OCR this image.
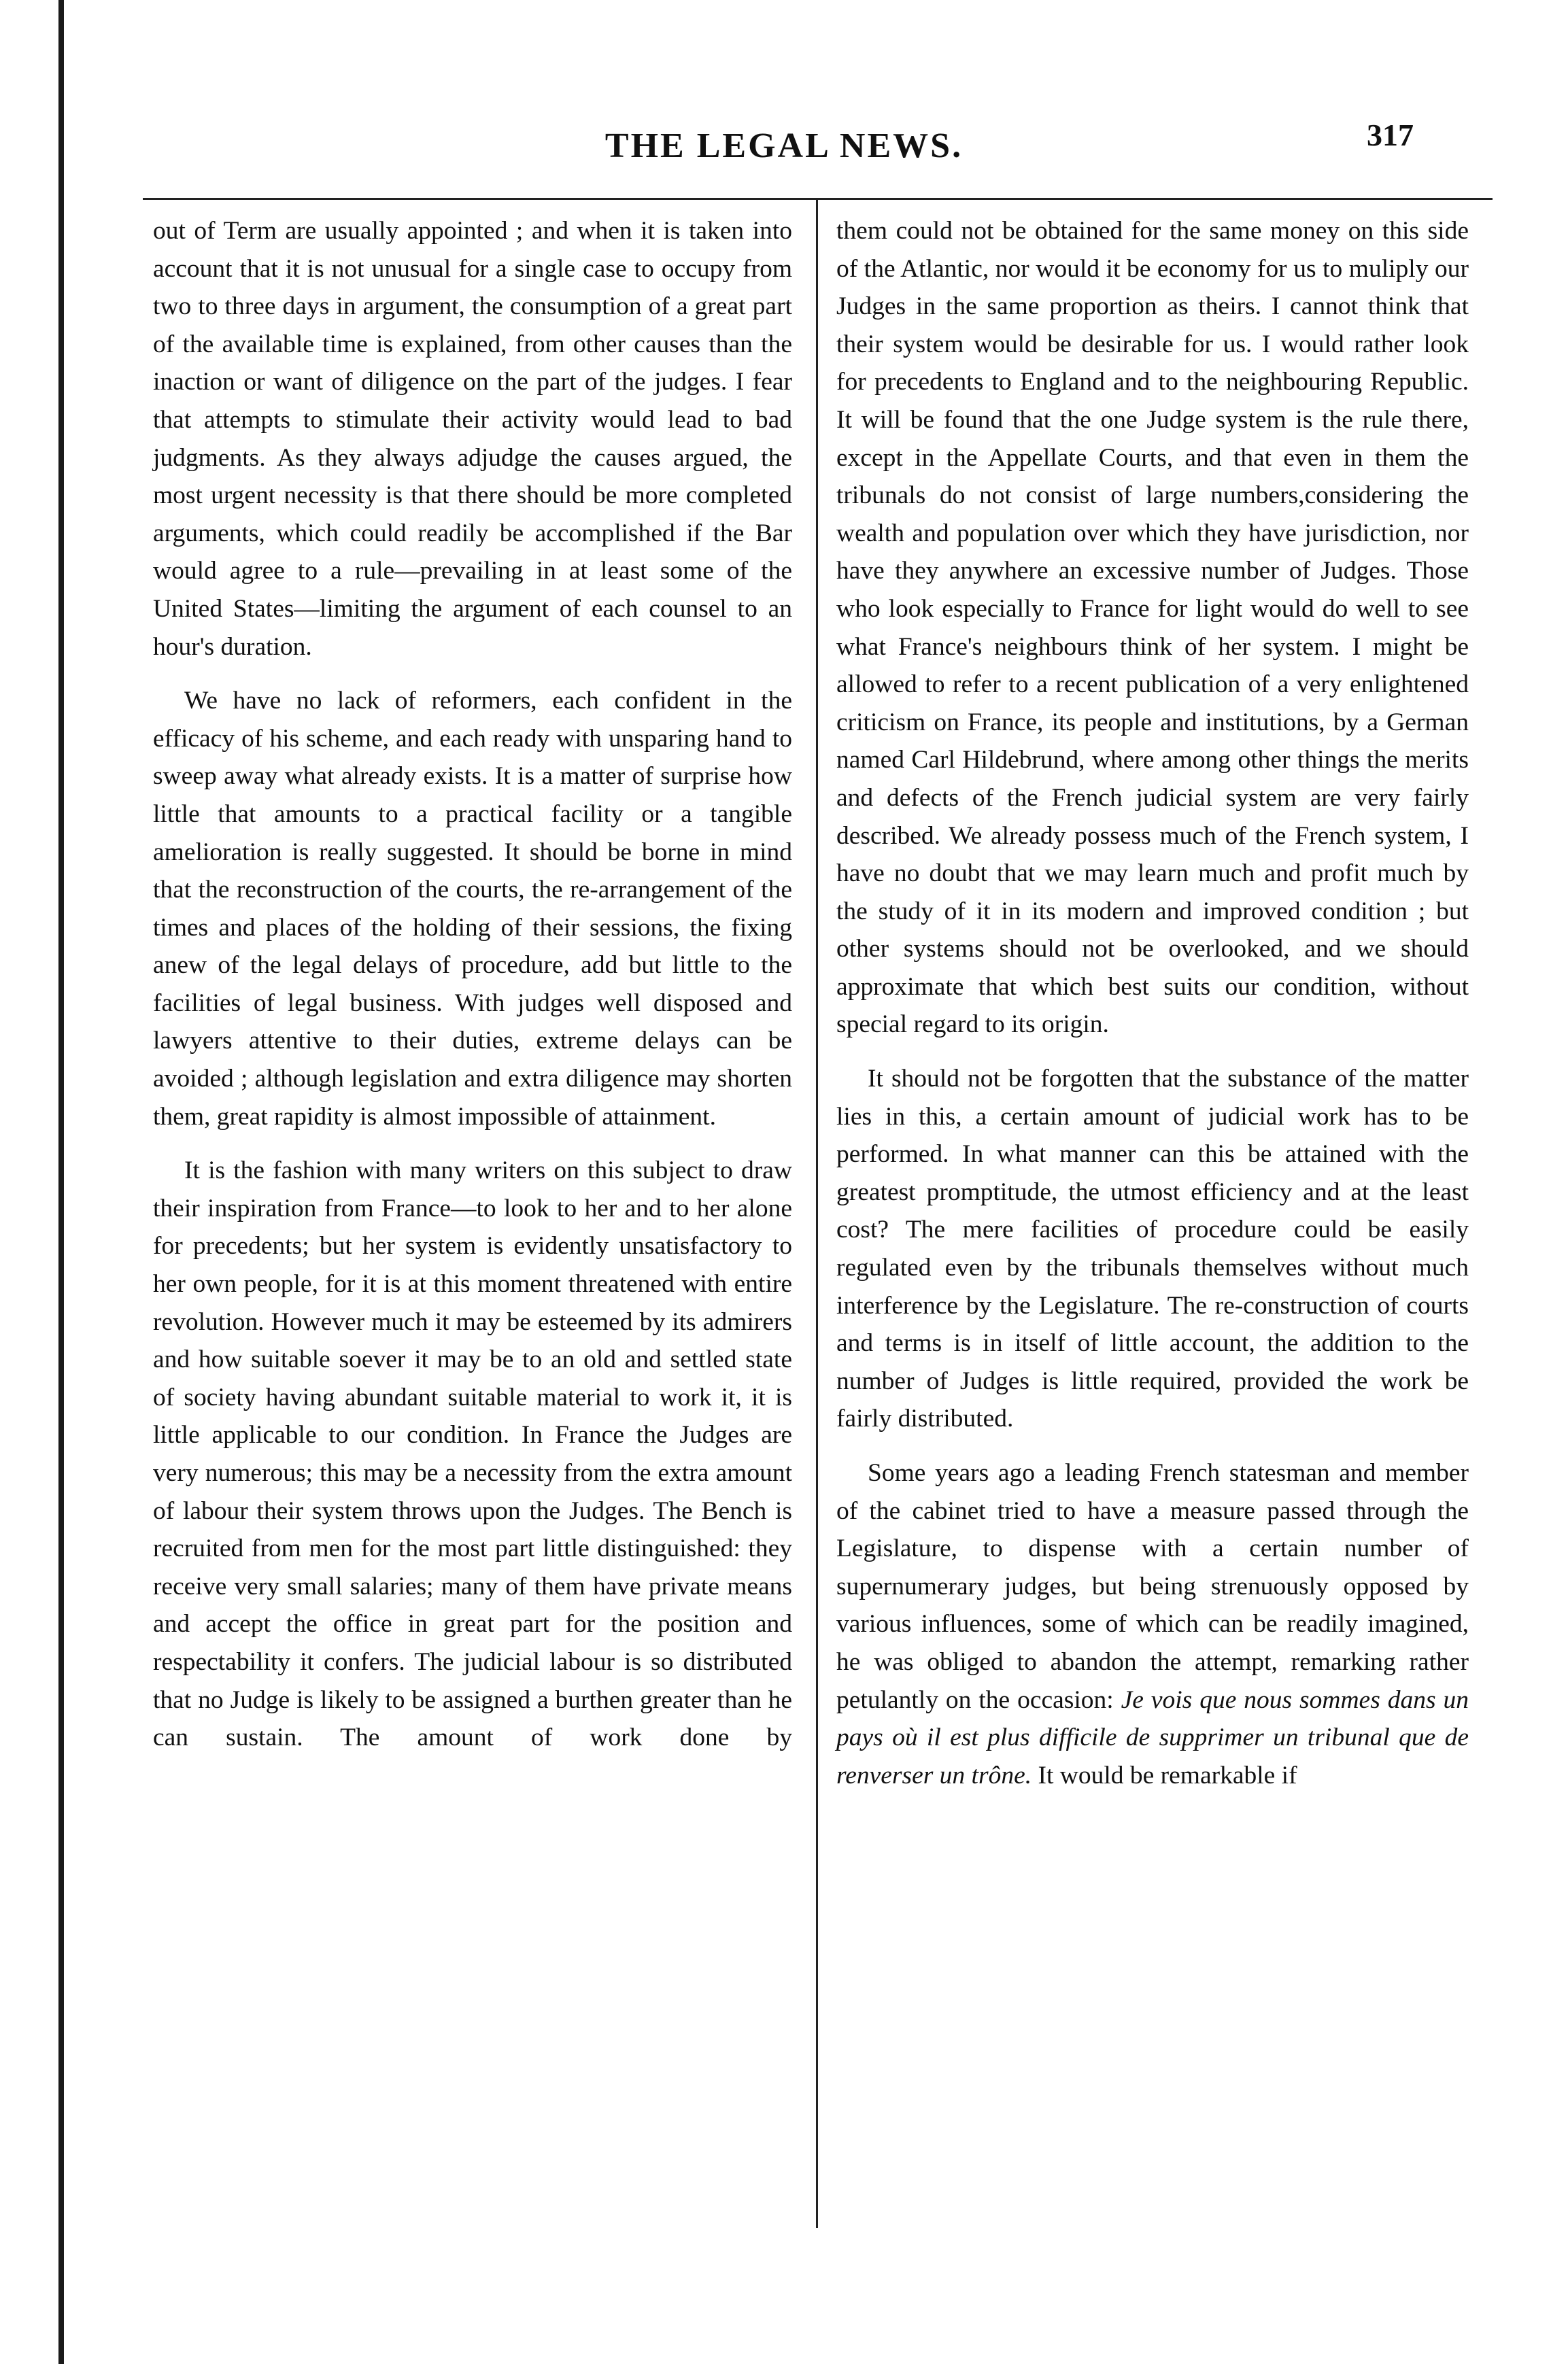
THE LEGAL NEWS.	317

out of Term are usually appointed ; and when it is taken into account that it is not unusual for a single case to occupy from two to three days in argument, the consumption of a great part of the available time is explained, from other causes than the inaction or want of diligence on the part of the judges. I fear that attempts to stimulate their activity would lead to bad judgments. As they always adjudge the causes argued, the most urgent necessity is that there should be more completed arguments, which could readily be accomplished if the Bar would agree to a rule—prevailing in at least some of the United States—limiting the argument of each counsel to an hour's duration.

We have no lack of reformers, each confident in the efficacy of his scheme, and each ready with unsparing hand to sweep away what already exists. It is a matter of surprise how little that amounts to a practical facility or a tangible amelioration is really suggested. It should be borne in mind that the reconstruction of the courts, the re-arrangement of the times and places of the holding of their sessions, the fixing anew of the legal delays of procedure, add but little to the facilities of legal business. With judges well disposed and lawyers attentive to their duties, extreme delays can be avoided ; although legislation and extra diligence may shorten them, great rapidity is almost impossible of attainment.

It is the fashion with many writers on this subject to draw their inspiration from France—to look to her and to her alone for precedents; but her system is evidently unsatisfactory to her own people, for it is at this moment threatened with entire revolution. However much it may be esteemed by its admirers and how suitable soever it may be to an old and settled state of society having abundant suitable material to work it, it is little applicable to our condition. In France the Judges are very numerous; this may be a necessity from the extra amount of labour their system throws upon the Judges. The Bench is recruited from men for the most part little distinguished: they receive very small salaries; many of them have private means and accept the office in great part for the position and respectability it confers. The judicial labour is so distributed that no Judge is likely to be assigned a burthen greater than he can sustain. The amount of work done by

them could not be obtained for the same money on this side of the Atlantic, nor would it be economy for us to muliply our Judges in the same proportion as theirs. I cannot think that their system would be desirable for us. I would rather look for precedents to England and to the neighbouring Republic. It will be found that the one Judge system is the rule there, except in the Appellate Courts, and that even in them the tribunals do not consist of large numbers,considering the wealth and population over which they have jurisdiction, nor have they anywhere an excessive number of Judges. Those who look especially to France for light would do well to see what France's neighbours think of her system. I might be allowed to refer to a recent publication of a very enlightened criticism on France, its people and institutions, by a German named Carl Hildebrund, where among other things the merits and defects of the French judicial system are very fairly described. We already possess much of the French system, I have no doubt that we may learn much and profit much by the study of it in its modern and improved condition ; but other systems should not be overlooked, and we should approximate that which best suits our condition, without special regard to its origin.

It should not be forgotten that the substance of the matter lies in this, a certain amount of judicial work has to be performed. In what manner can this be attained with the greatest promptitude, the utmost efficiency and at the least cost? The mere facilities of procedure could be easily regulated even by the tribunals themselves without much interference by the Legislature. The re-construction of courts and terms is in itself of little account, the addition to the number of Judges is little required, provided the work be fairly distributed.

Some years ago a leading French statesman and member of the cabinet tried to have a measure passed through the Legislature, to dispense with a certain number of supernumerary judges, but being strenuously opposed by various influences, some of which can be readily imagined, he was obliged to abandon the attempt, remarking rather petulantly on the occasion: Je vois que nous sommes dans un pays où il est plus difficile de supprimer un tribunal que de renverser un trône. It would be remarkable if
